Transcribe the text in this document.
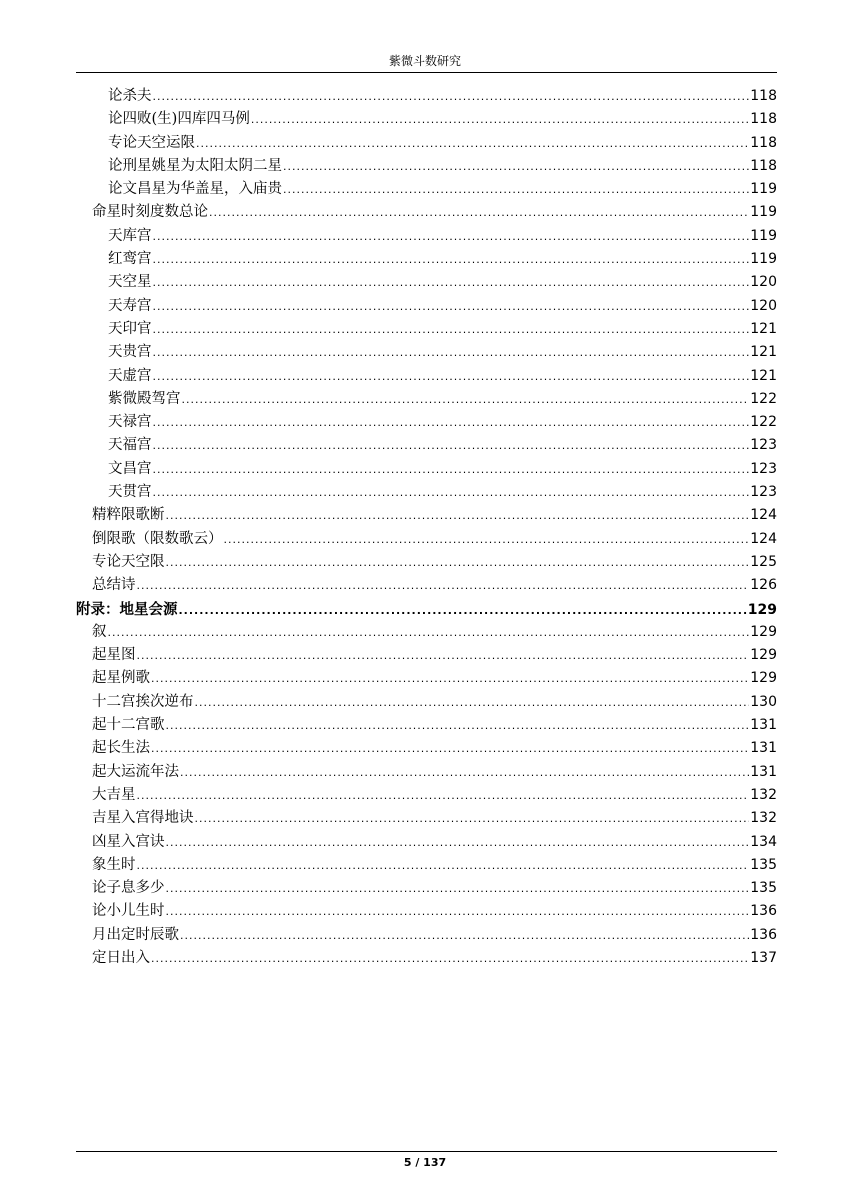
紫微斗数研究
论杀夫 .....	118
论四败(生)四库四马例 .....	118
专论天空运限 .....	118
论刑星姚星为太阳太阴二星 .....	118
论文昌星为华盖星，入庙贵 .....	119
命星时刻度数总论 .....	119
天库宫 .....	119
红鸾宫 .....	119
天空星 .....	120
天寿宫 .....	120
天印官 .....	121
天贵宫 .....	121
天虚宫 .....	121
紫微殿驾宫 .....	122
天禄宫 .....	122
天福宫 .....	123
文昌宫 .....	123
天贯宫 .....	123
精粹限歌断 .....	124
倒限歌（限数歌云） .....	124
专论天空限 .....	125
总结诗 .....	126
附录：地星会源 .....	129
叙 .....	129
起星图 .....	129
起星例歌 .....	129
十二宫挨次逆布 .....	130
起十二宫歌 .....	131
起长生法 .....	131
起大运流年法 .....	131
大吉星 .....	132
吉星入宫得地诀 .....	132
凶星入宫诀 .....	134
象生时 .....	135
论子息多少 .....	135
论小儿生时 .....	136
月出定时辰歌 .....	136
定日出入 .....	137
5 / 137
